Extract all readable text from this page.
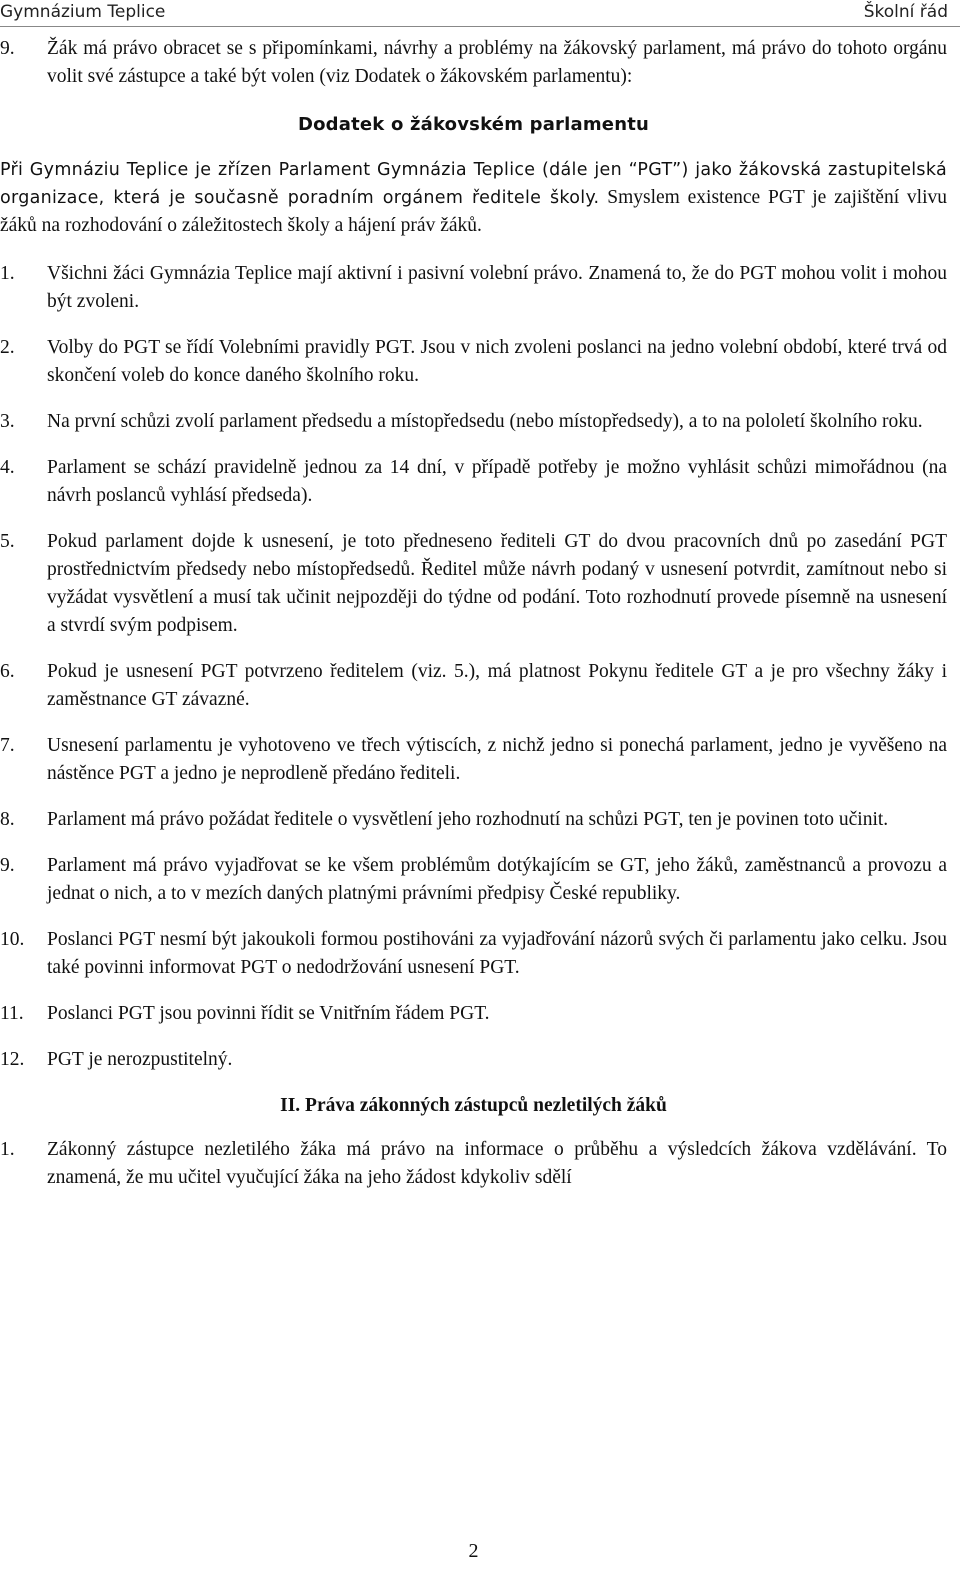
Gymnázium Teplice	Školní řád

9. Žák má právo obracet se s připomínkami, návrhy a problémy na žákovský parlament, má právo do tohoto orgánu volit své zástupce a také být volen (viz Dodatek o žákovském parlamentu):

Dodatek o žákovském parlamentu

Při Gymnáziu Teplice je zřízen Parlament Gymnázia Teplice (dále jen “PGT”) jako žákovská zastupitelská organizace, která je současně poradním orgánem ředitele školy. Smyslem existence PGT je zajištění vlivu žáků na rozhodování o záležitostech školy a hájení práv žáků.

1. Všichni žáci Gymnázia Teplice mají aktivní i pasivní volební právo. Znamená to, že do PGT mohou volit i mohou být zvoleni.

2. Volby do PGT se řídí Volebními pravidly PGT. Jsou v nich zvoleni poslanci na jedno volební období, které trvá od skončení voleb do konce daného školního roku.

3. Na první schůzi zvolí parlament předsedu a místopředsedu (nebo místopředsedy), a to na pololetí školního roku.

4. Parlament se schází pravidelně jednou za 14 dní, v případě potřeby je možno vyhlásit schůzi mimořádnou (na návrh poslanců vyhlásí předseda).

5. Pokud parlament dojde k usnesení, je toto předneseno řediteli GT do dvou pracovních dnů po zasedání PGT prostřednictvím předsedy nebo místopředsedů. Ředitel může návrh podaný v usnesení potvrdit, zamítnout nebo si vyžádat vysvětlení a musí tak učinit nejpozději do týdne od podání. Toto rozhodnutí provede písemně na usnesení a stvrdí svým podpisem.

6. Pokud je usnesení PGT potvrzeno ředitelem (viz. 5.), má platnost Pokynu ředitele GT a je pro všechny žáky i zaměstnance GT závazné.

7. Usnesení parlamentu je vyhotoveno ve třech výtiscích, z nichž jedno si ponechá parlament, jedno je vyvěšeno na nástěnce PGT a jedno je neprodleně předáno řediteli.

8. Parlament má právo požádat ředitele o vysvětlení jeho rozhodnutí na schůzi PGT, ten je povinen toto učinit.

9. Parlament má právo vyjadřovat se ke všem problémům dotýkajícím se GT, jeho žáků, zaměstnanců a provozu a jednat o nich, a to v mezích daných platnými právními předpisy České republiky.

10. Poslanci PGT nesmí být jakoukoli formou postihováni za vyjadřování názorů svých či parlamentu jako celku. Jsou také povinni informovat PGT o nedodržování usnesení PGT.

11. Poslanci PGT jsou povinni řídit se Vnitřním řádem PGT.

12. PGT je nerozpustitelný.

II. Práva zákonných zástupců nezletilých žáků

1. Zákonný zástupce nezletilého žáka má právo na informace o průběhu a výsledcích žákova vzdělávání. To znamená, že mu učitel vyučující žáka na jeho žádost kdykoliv sdělí

2
